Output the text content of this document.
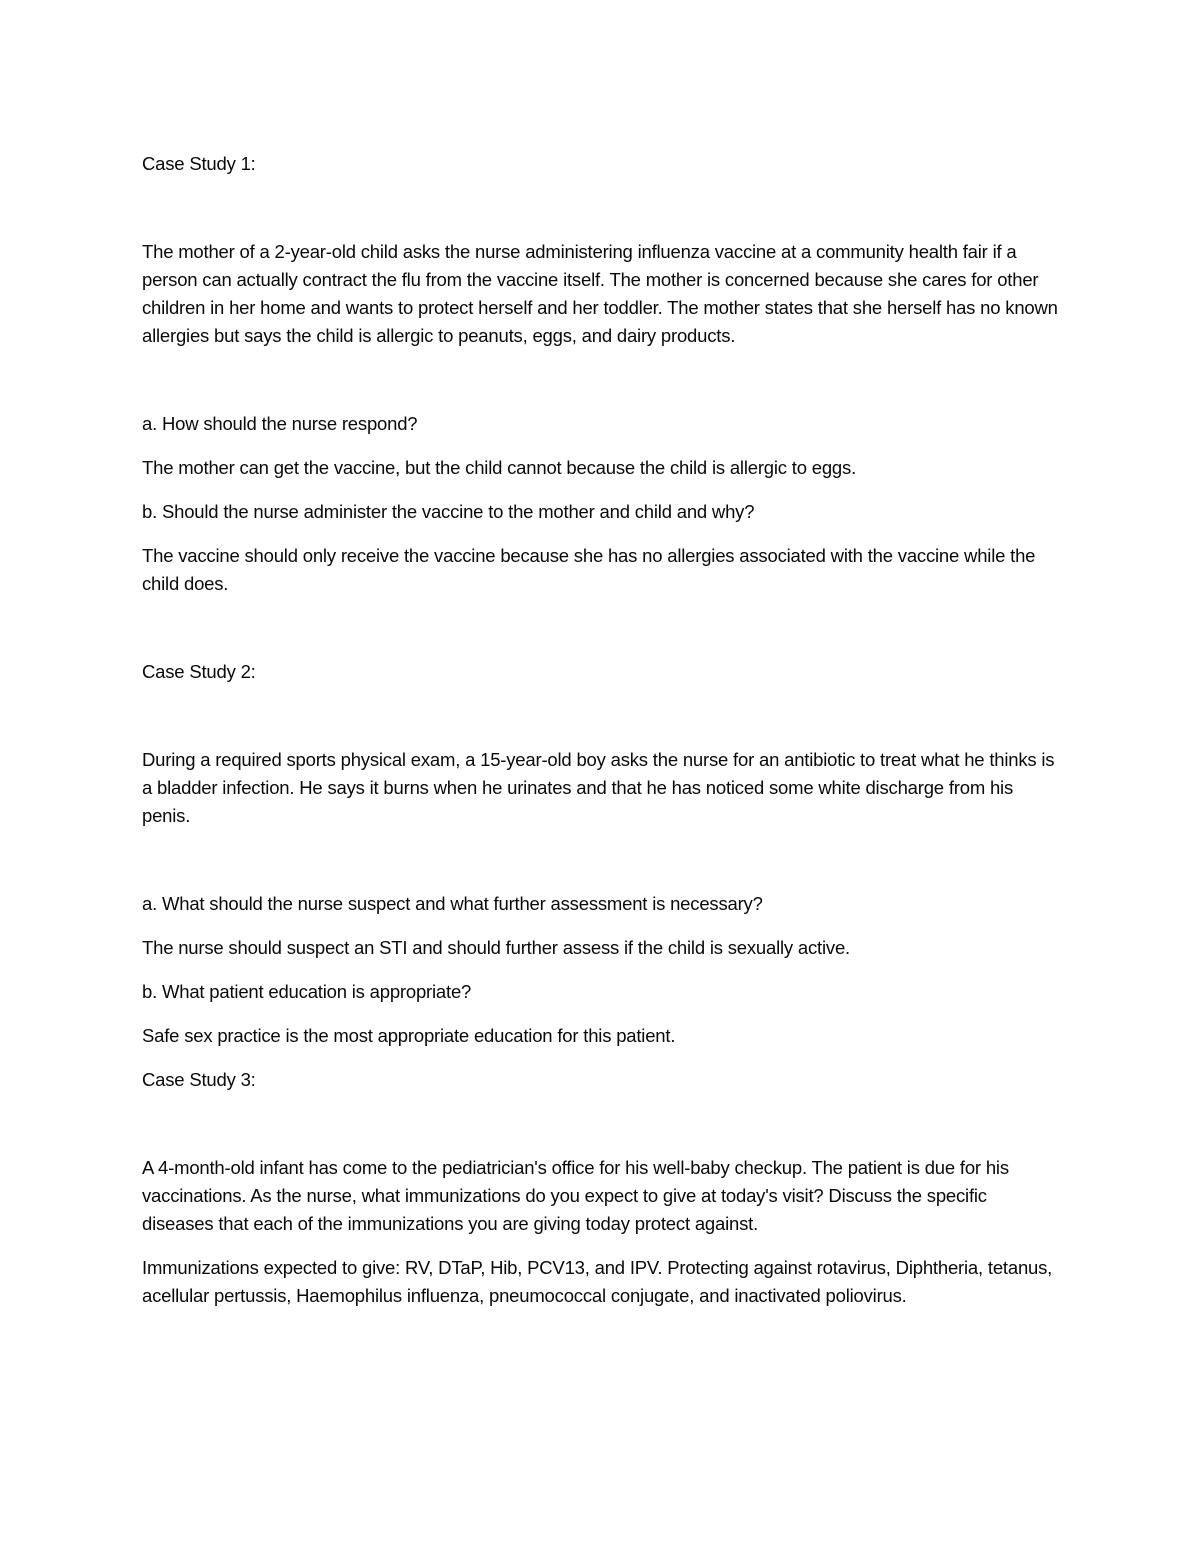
Case Study 1:

The mother of a 2-year-old child asks the nurse administering influenza vaccine at a community health fair if a person can actually contract the flu from the vaccine itself. The mother is concerned because she cares for other children in her home and wants to protect herself and her toddler. The mother states that she herself has no known allergies but says the child is allergic to peanuts, eggs, and dairy products.

a. How should the nurse respond?

The mother can get the vaccine, but the child cannot because the child is allergic to eggs.

b. Should the nurse administer the vaccine to the mother and child and why?

The vaccine should only receive the vaccine because she has no allergies associated with the vaccine while the child does.

Case Study 2:

During a required sports physical exam, a 15-year-old boy asks the nurse for an antibiotic to treat what he thinks is a bladder infection. He says it burns when he urinates and that he has noticed some white discharge from his penis.

a. What should the nurse suspect and what further assessment is necessary?

The nurse should suspect an STI and should further assess if the child is sexually active.

b. What patient education is appropriate?

Safe sex practice is the most appropriate education for this patient.

Case Study 3:

A 4-month-old infant has come to the pediatrician's office for his well-baby checkup. The patient is due for his vaccinations. As the nurse, what immunizations do you expect to give at today's visit? Discuss the specific diseases that each of the immunizations you are giving today protect against.

Immunizations expected to give: RV, DTaP, Hib, PCV13, and IPV. Protecting against rotavirus, Diphtheria, tetanus, acellular pertussis, Haemophilus influenza, pneumococcal conjugate, and inactivated poliovirus.
